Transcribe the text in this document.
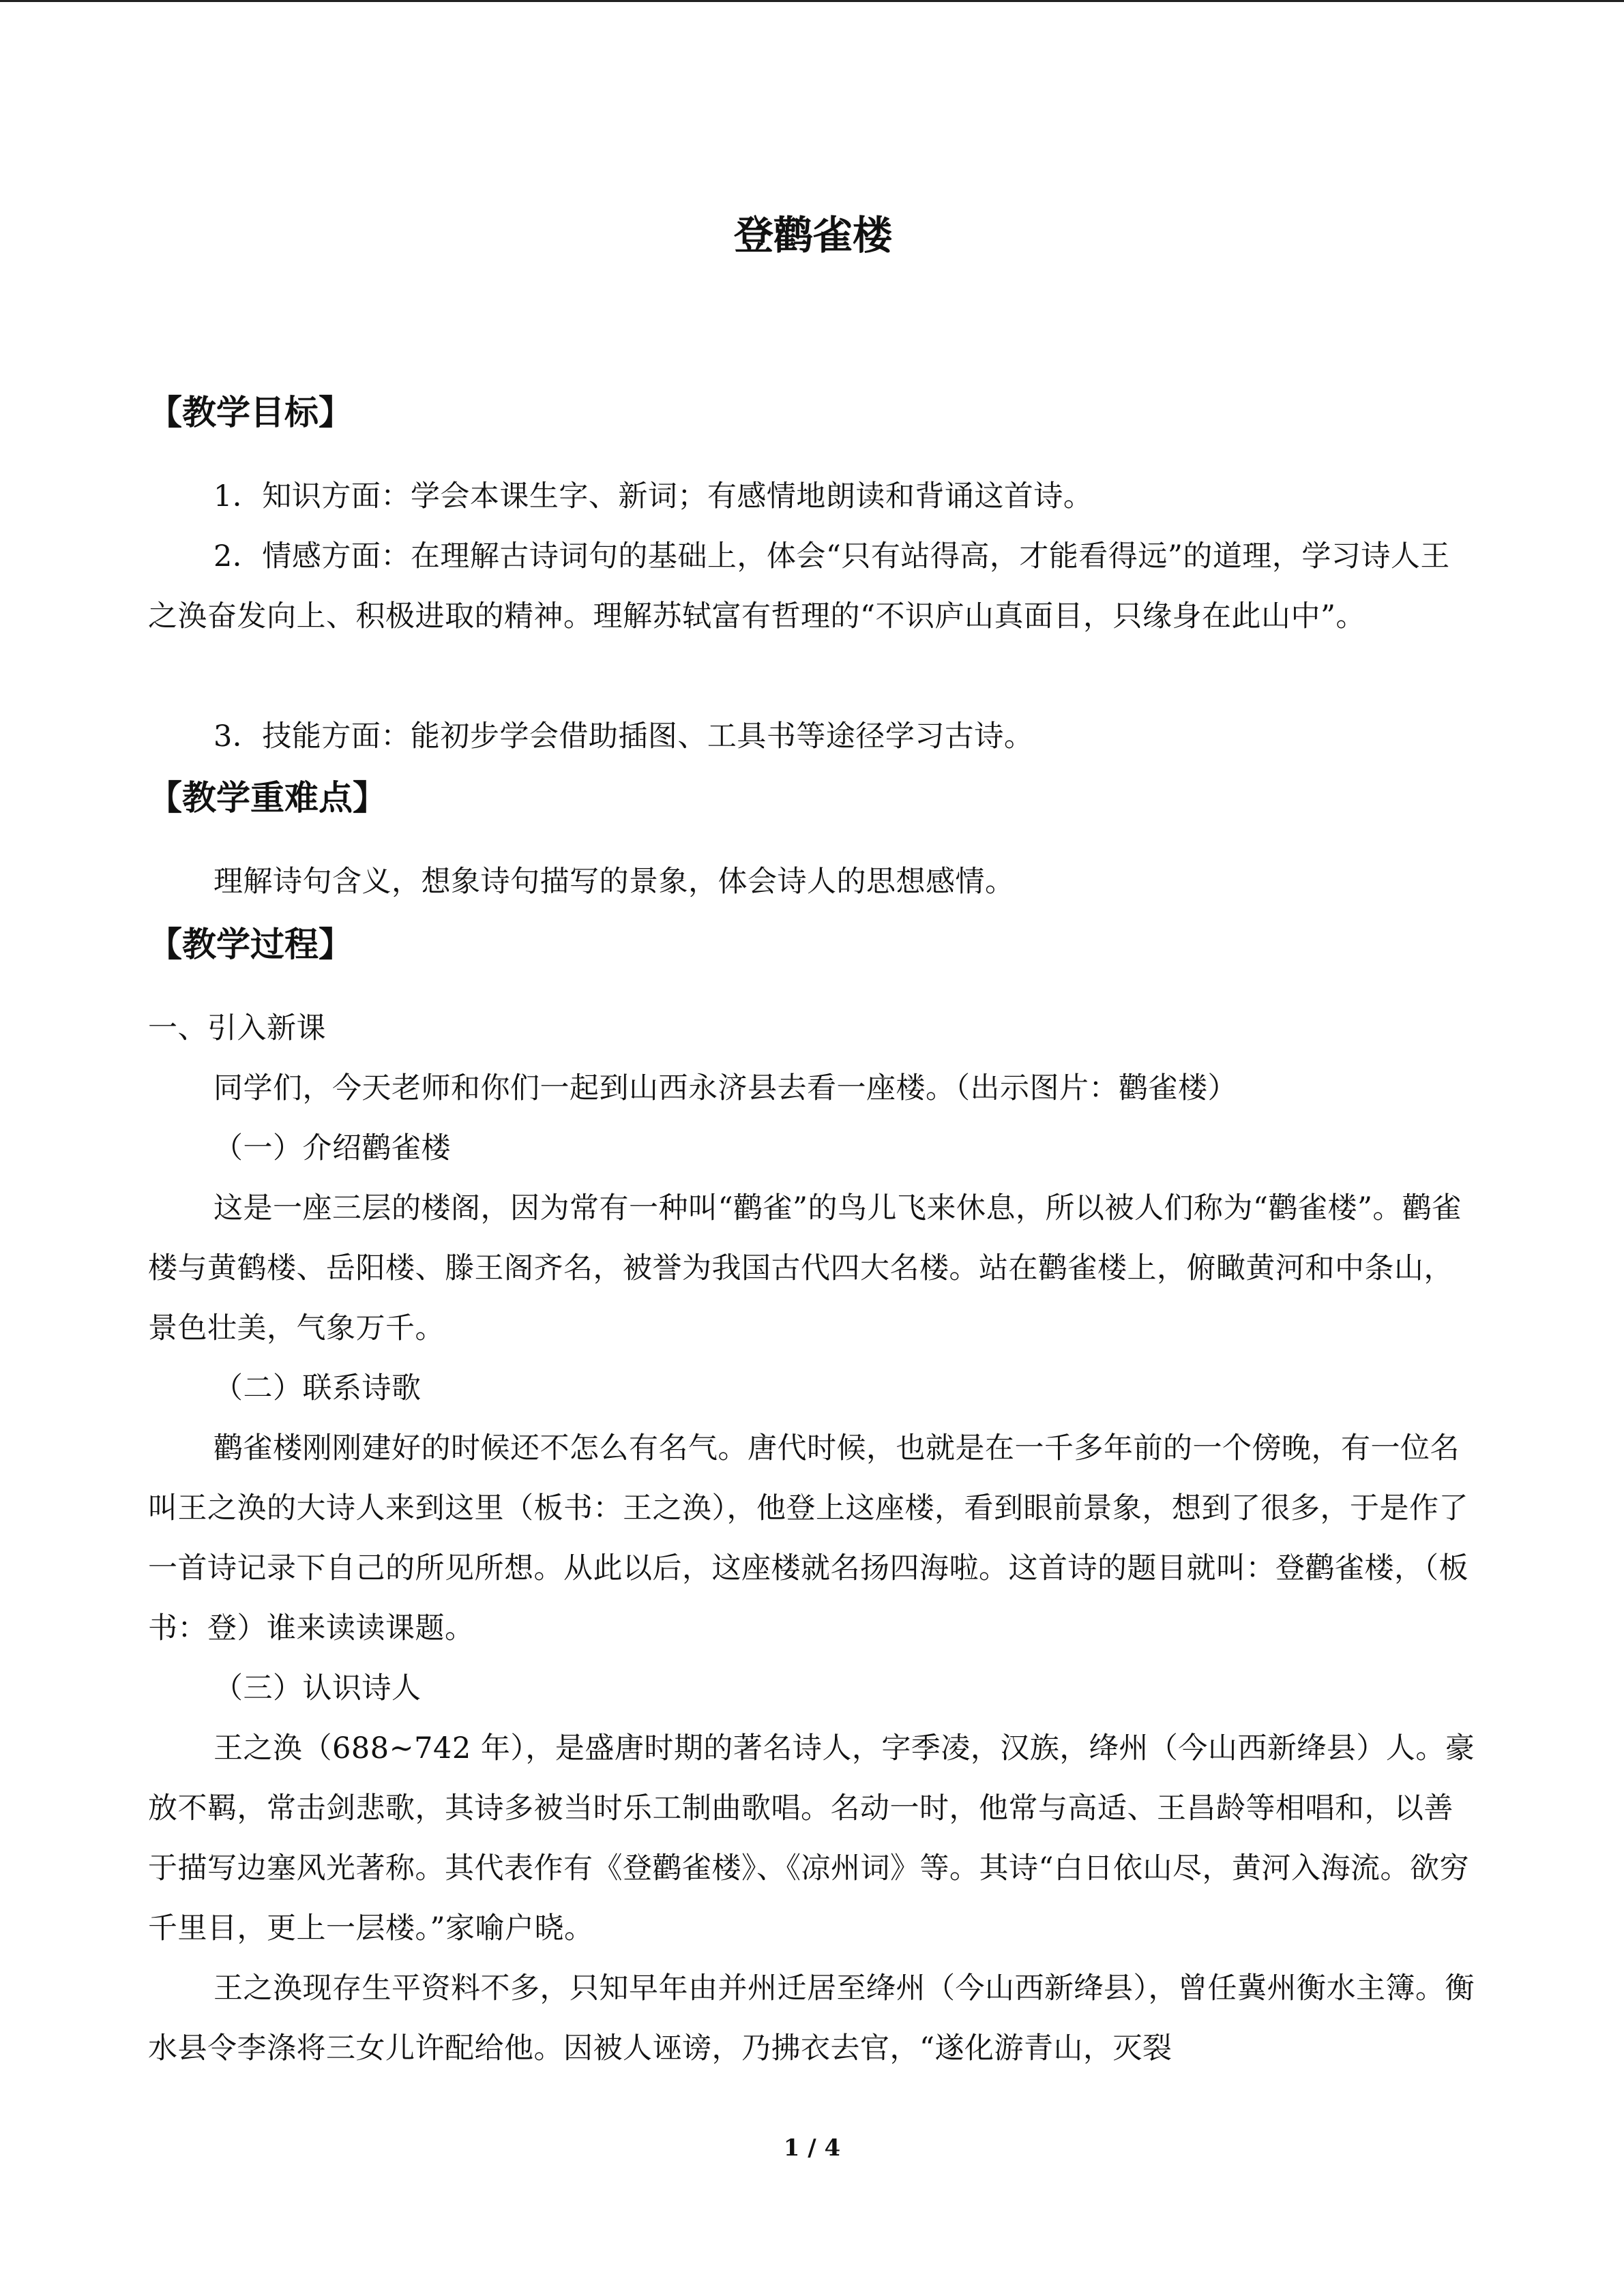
登鹳雀楼
【教学目标】
1．知识方面：学会本课生字、新词；有感情地朗读和背诵这首诗。
2．情感方面：在理解古诗词句的基础上，体会“只有站得高，才能看得远”的道理，学习诗人王之涣奋发向上、积极进取的精神。理解苏轼富有哲理的“不识庐山真面目，只缘身在此山中”。
3．技能方面：能初步学会借助插图、工具书等途径学习古诗。
【教学重难点】
理解诗句含义，想象诗句描写的景象，体会诗人的思想感情。
【教学过程】
一、引入新课
同学们，今天老师和你们一起到山西永济县去看一座楼。（出示图片：鹳雀楼）
（一）介绍鹳雀楼
这是一座三层的楼阁，因为常有一种叫“鹳雀”的鸟儿飞来休息，所以被人们称为“鹳雀楼”。鹳雀楼与黄鹤楼、岳阳楼、滕王阁齐名，被誉为我国古代四大名楼。站在鹳雀楼上，俯瞰黄河和中条山，景色壮美，气象万千。
（二）联系诗歌
鹳雀楼刚刚建好的时候还不怎么有名气。唐代时候，也就是在一千多年前的一个傍晚，有一位名叫王之涣的大诗人来到这里（板书：王之涣），他登上这座楼，看到眼前景象，想到了很多，于是作了一首诗记录下自己的所见所想。从此以后，这座楼就名扬四海啦。这首诗的题目就叫：登鹳雀楼，（板书：登）谁来读读课题。
（三）认识诗人
王之涣（688~742 年），是盛唐时期的著名诗人，字季凌，汉族，绛州（今山西新绛县）人。豪放不羁，常击剑悲歌，其诗多被当时乐工制曲歌唱。名动一时，他常与高适、王昌龄等相唱和，以善于描写边塞风光著称。其代表作有《登鹳雀楼》、《凉州词》等。其诗“白日依山尽，黄河入海流。欲穷千里目，更上一层楼。”家喻户晓。
王之涣现存生平资料不多，只知早年由并州迁居至绛州（今山西新绛县），曾任冀州衡水主簿。衡水县令李涤将三女儿许配给他。因被人诬谤，乃拂衣去官，“遂化游青山，灭裂
1 / 4
